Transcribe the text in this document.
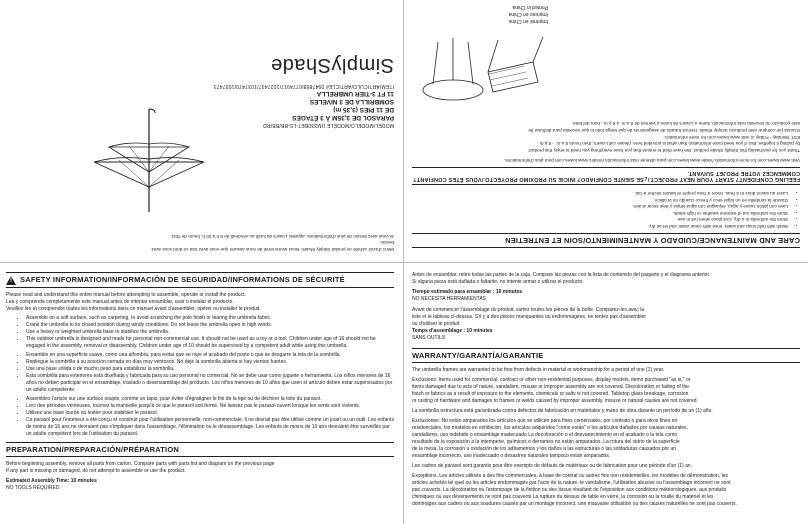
Merci d'avoir acheté ce produit Simply Shade. Nous avons tenté de nous assurer que vous avez tout ce dont vous avez besoin.

Si vous avez besoin de plus d'informations, appelez Lowe's du lundi au vendredi de 8 h à 20 h, heure de l'Est.

MODEL/MODELO/MODÈLE UM330BE7-LS-BB/BB/RD
PARASOL DE 3,35M À 3 ÉTAGES
DE 11 PIES (3,35 m)
SOMBRILLA DE 3 NIVELES
11 FT 3-TIER UMBRELLA
ITEM/ARTICULO/ARTICLE# 0947858/0774917/1027437/1037470/1037473
SimplyShade
CARE AND MAINTENANCE/CUIDADO Y MANTENIMIENTO/SOIN ET ENTRETIEN
• Wash with mild soap and water, rinse with clean water and let air dry.
• Store the umbrella in a dry, cool place when not in use.
• Store the umbrella out of extreme weather or high winds.
• Lave con jabón suave y agua, enjuague con agua limpia y deje secar al aire.
• Guarde la sombrilla en un lugar seco y fresco cuando no la utilice.
• Laver au savon doux et à l'eau, rincer à l'eau propre et laisser sécher à l'air.
FEELING CONFIDENT? START YOUR NEXT PROJECT./¿SE SIENTE CONFIADO? INICIE SU PRÓXIMO PROYECTO./VOUS ÊTES CONFIANT? COMMENCEZ VOTRE PROJET SUIVANT.

Visit www.lowes.com for more information./Visite www.lowes.com para obtener más información./Visitez www.lowes.com pour plus d'informations.

Thank you for purchasing this Simply Shade product. We have tried to ensure that you have everything you need to enjoy this product

by putting it together. But, if you need more information than what is provided here, please call Lowe's, then hours 8 a.m. - 8 p.m.,

EST, Monday - Friday or visit www.lowes.com for more information.

Gracias por comprar este producto Simply Shade. Hemos tratado de asegurarnos de que tenga todo lo que necesita para disfrutar de

este producto. Si necesita más información, llame a Lowe's de lunes a viernes de 8 a.m. a 8 p.m., hora del Este.

Imprimé en Chine
Impreso en China
Printed in China
! SAFETY INFORMATION/INFORMACIÓN DE SEGURIDAD/INFORMATIONS DE SÉCURITÉ

Please read and understand this entire manual before attempting to assemble, operate or install the product.

Lea y comprenda completamente este manual antes de intentar ensamblar, usar o instalar el producto.

Veuillez lire et comprendre toutes les informations dans ce manuel avant d'assembler, opérer ou installer le produit.

• Assemble on a soft surface, such as carpeting, to avoid scratching the pole finish or tearing the umbrella fabric.
• Crank the umbrella to its closed position during windy conditions. Do not leave the umbrella open in high winds.
• Use a heavy or weighted umbrella base to stabilize the umbrella.
• This outdoor umbrella is designed and made for personal non-commercial use. It should not be used as a toy or a tool. Children under age of 16 should not be engaged in the assembly, removal or disassembly. Children under age of 10 should be supervised by a competent adult while using this umbrella.
• Ensamble en una superficie suave, como una alfombra, para evitar que se raye el acabado del poste o que se desgarre la tela de la sombrilla.
• Repliegue la sombrilla a su posición cerrada en días muy ventosos. No deje la sombrilla abierta si hay vientos fuertes.
• Use una base sólida o de mucho peso para estabilizar la sombrilla.
• Esta sombrilla para exteriores está diseñada y fabricada para su uso personal no comercial. No se debe usar como juguete o herramienta. Los niños menores de 16 años no deben participar en el ensamblaje, traslado o desensamblaje del producto. Los niños menores de 10 años que usen el artículo deben estar supervisados por un adulto competente.
• Assemblez l'article sur une surface souple, comme un tapis, pour éviter d'égratigner le fini de la tige ou de déchirer la toile du parasol.
• Lors des périodes venteuses, tournez la manivelle jusqu'à ce que le parasol soit fermé. Ne laissez pas le parasol ouvert lorsque les vents sont violents.
• Utilisez une base lourde ou lestée pour stabiliser le parasol.
• Ce parasol pour l'extérieur a été conçu et construit pour l'utilisation personnelle, non-commerciale. Il ne devrait pas être utilisé comme un jouet ou un outil. Les enfants de moins de 16 ans ne devraient pas s'impliquer dans l'assemblage, l'élimination ou le désassemblage. Les enfants de moins de 10 ans devraient être surveillés par un adulte compétent lors de l'utilisation du parasol.
PREPARATION/PREPARACIÓN/PRÉPARATION

Before beginning assembly, remove all parts from carton. Compare parts with parts list and diagram on the previous page

If any part is missing or damaged, do not attempt to assemble or use the product.

Estimated Assembly Time: 10 minutes

NO TOOLS REQUIRED

Antes de ensamblar, retire todas las partes de la caja. Compare las piezas con la lista de contenido del paquete y el diagrama anterior.

Si alguna pieza está dañada o faltante, no intente armar o utilizar el producto.

Tiempo estimado para ensamblar : 10 minutos

NO NECESITA HERRAMIENTAS

Avant de commencer l'assemblage du produit, sortez toutes les pièces de la boîte. Comparez-les avec la

liste et le tableau ci-dessus. S'il y a des pièces manquantes ou endommagées, ne tentez pas d'assembler

ou d'utiliser le produit.

Temps d'assemblage : 10 minutes

SANS OUTILS

WARRANTY/GARANTÍA/GARANTIE

The umbrella frames are warranted to be free from defects in material or workmanship for a period of one (1) year.

Exclusions: Items used for commercial, contract or other non-residential purposes, display models, items purchased "as is," or

items damaged due to acts of nature, vandalism, misuse or improper assembly are not covered. Discoloration or fading of the

finish or fabrics as a result of exposure to the elements, chemicals or salts is not covered. Tabletop glass breakage, corrosion

or rusting of hardware and damages to frames or welds caused by improper assembly, misuse or natural causes are not covered.

La sombrilla estructura está garantizada contra defectos de fabricación en materiales y mano de obra durante un período de un (1) año.

Exclusiones: No están amparados los artículos que se utilicen para fines comerciales, por contrato o para otros fines no

residenciales, los modelos en exhibición, los artículos adquiridos "como están" o los artículos dañados por causas naturales,

vandalismo, uso indebido o ensamblaje inadecuado La decoloración o el desvanecimiento en el acabado o la tela como

resultado de la exposición a la intemperie, químicos o derrames no están amparados. La rotura del vidrio de la superficie

de la mesa, la corrosión u oxidación de los aditamentos y los daños a las estructuras o las soldaduras causados por un

ensamblaje incorrecto, uso inadecuado o desastres naturales tampoco están amparados.

Les cadres de parasol sont garantis pour être exempts de défauts de matériaux ou de fabrication pour une période d'un (1) an.

Exceptions. Les articles utilisés à des fins commerciales, à base de contrat ou autres fins non résidentielles, les modèles de démonstration, les

articles achetés tel quel ou les articles endommagés par l'acte de la nature, le vandalisme, l'utilisation abusive ou l'assemblage incorrect ne sont

pas couverts. La décoloration ou l'estompage de la finition ou des tissus résultant de l'exposition aux conditions météorologiques, aux produits

chimiques ou aux déversements ne sont pas couverts La rupture du dessus de table en verre, la corrosion ou la rouille du matériel et les

dommages aux cadres ou aux soudures causés par un montage incorrect, une mauvaise utilisation ou des causes naturelles ne sont pas couverts.
